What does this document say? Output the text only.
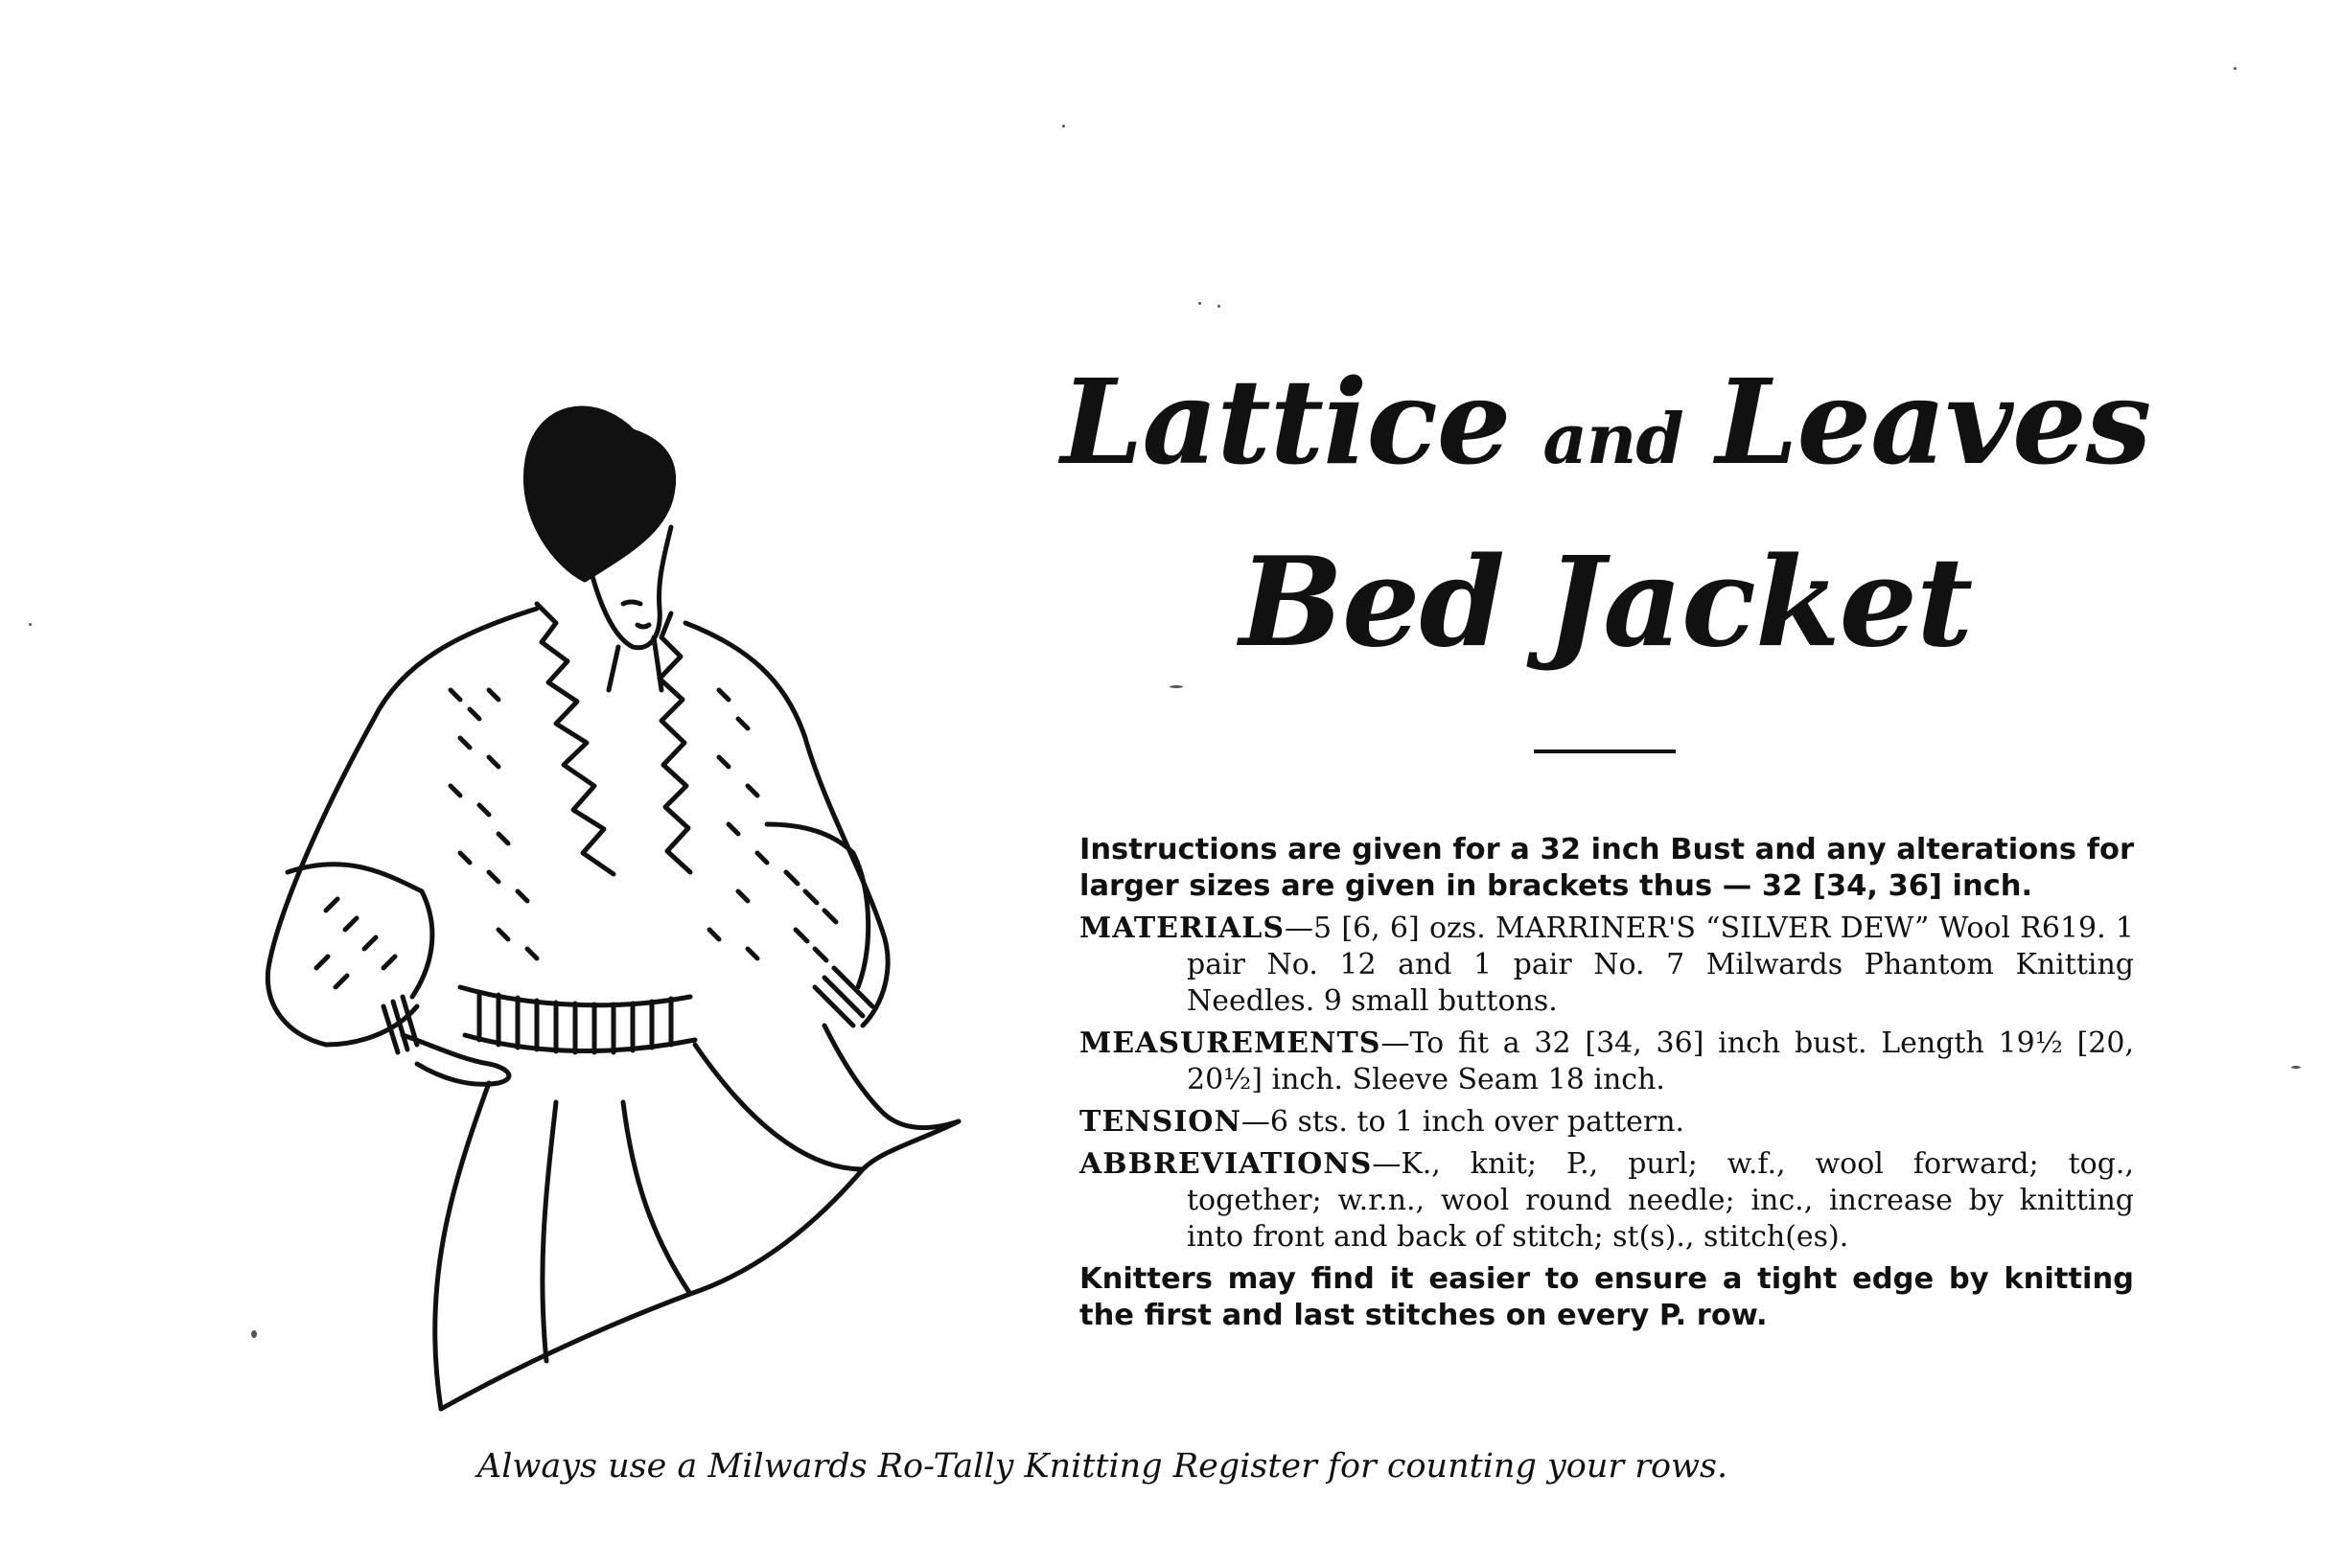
Lattice and Leaves
Bed Jacket
Instructions are given for a 32 inch Bust and any alterations for larger sizes are given in brackets thus — 32 [34, 36] inch.
MATERIALS—5 [6, 6] ozs. MARRINER'S “SILVER DEW” Wool R619. 1 pair No. 12 and 1 pair No. 7 Milwards Phantom Knitting Needles. 9 small buttons.
MEASUREMENTS—To fit a 32 [34, 36] inch bust. Length 19½ [20, 20½] inch. Sleeve Seam 18 inch.
TENSION—6 sts. to 1 inch over pattern.
ABBREVIATIONS—K., knit; P., purl; w.f., wool forward; tog., together; w.r.n., wool round needle; inc., increase by knitting into front and back of stitch; st(s)., stitch(es).
Knitters may find it easier to ensure a tight edge by knitting the first and last stitches on every P. row.
Always use a Milwards Ro-Tally Knitting Register for counting your rows.
